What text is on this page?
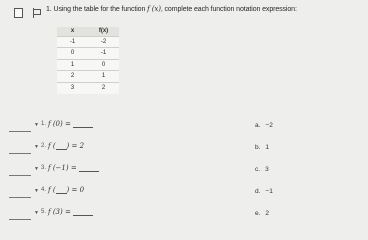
1. Using the table for the function f (x), complete each function notation expression:
x	f(x)
-1	-2
0	-1
1	0
2	1
3	2
▼ 1. f (0) =	a. −2
▼ 2. f ( ) = 2	b. 1
▼ 3. f (−1) =	c. 3
▼ 4. f ( ) = 0	d. −1
▼ 5. f (3) =	e. 2
